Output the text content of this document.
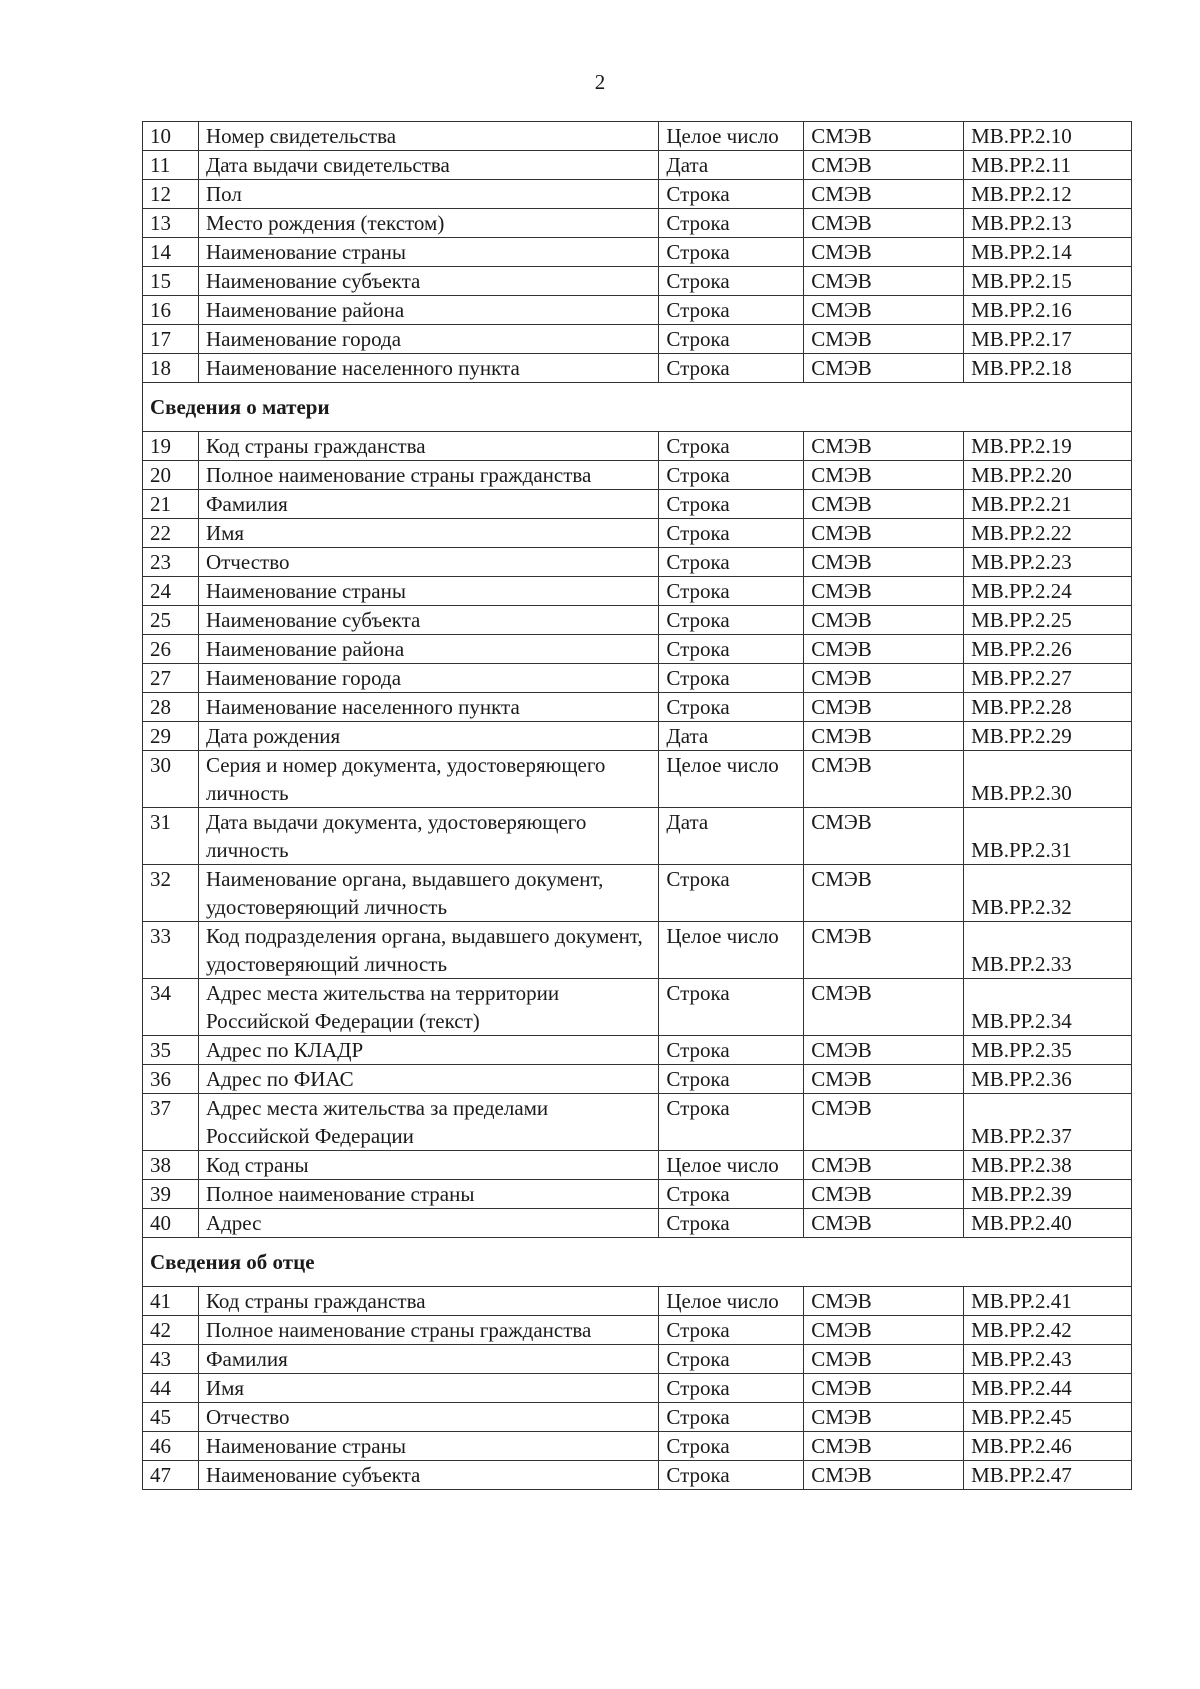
2
10	Номер свидетельства	Целое число	СМЭВ	МВ.РР.2.10
11	Дата выдачи свидетельства	Дата	СМЭВ	МВ.РР.2.11
12	Пол	Строка	СМЭВ	МВ.РР.2.12
13	Место рождения (текстом)	Строка	СМЭВ	МВ.РР.2.13
14	Наименование страны	Строка	СМЭВ	МВ.РР.2.14
15	Наименование субъекта	Строка	СМЭВ	МВ.РР.2.15
16	Наименование района	Строка	СМЭВ	МВ.РР.2.16
17	Наименование города	Строка	СМЭВ	МВ.РР.2.17
18	Наименование населенного пункта	Строка	СМЭВ	МВ.РР.2.18
Сведения о матери				
19	Код страны гражданства	Строка	СМЭВ	МВ.РР.2.19
20	Полное наименование страны гражданства	Строка	СМЭВ	МВ.РР.2.20
21	Фамилия	Строка	СМЭВ	МВ.РР.2.21
22	Имя	Строка	СМЭВ	МВ.РР.2.22
23	Отчество	Строка	СМЭВ	МВ.РР.2.23
24	Наименование страны	Строка	СМЭВ	МВ.РР.2.24
25	Наименование субъекта	Строка	СМЭВ	МВ.РР.2.25
26	Наименование района	Строка	СМЭВ	МВ.РР.2.26
27	Наименование города	Строка	СМЭВ	МВ.РР.2.27
28	Наименование населенного пункта	Строка	СМЭВ	МВ.РР.2.28
29	Дата рождения	Дата	СМЭВ	МВ.РР.2.29
30	Серия и номер документа, удостоверяющего личность	Целое число	СМЭВ	МВ.РР.2.30
31	Дата выдачи документа, удостоверяющего личность	Дата	СМЭВ	МВ.РР.2.31
32	Наименование органа, выдавшего документ, удостоверяющий личность	Строка	СМЭВ	МВ.РР.2.32
33	Код подразделения органа, выдавшего документ, удостоверяющий личность	Целое число	СМЭВ	МВ.РР.2.33
34	Адрес места жительства на территории Российской Федерации (текст)	Строка	СМЭВ	МВ.РР.2.34
35	Адрес по КЛАДР	Строка	СМЭВ	МВ.РР.2.35
36	Адрес по ФИАС	Строка	СМЭВ	МВ.РР.2.36
37	Адрес места жительства за пределами Российской Федерации	Строка	СМЭВ	МВ.РР.2.37
38	Код страны	Целое число	СМЭВ	МВ.РР.2.38
39	Полное наименование страны	Строка	СМЭВ	МВ.РР.2.39
40	Адрес	Строка	СМЭВ	МВ.РР.2.40
Сведения об отце				
41	Код страны гражданства	Целое число	СМЭВ	МВ.РР.2.41
42	Полное наименование страны гражданства	Строка	СМЭВ	МВ.РР.2.42
43	Фамилия	Строка	СМЭВ	МВ.РР.2.43
44	Имя	Строка	СМЭВ	МВ.РР.2.44
45	Отчество	Строка	СМЭВ	МВ.РР.2.45
46	Наименование страны	Строка	СМЭВ	МВ.РР.2.46
47	Наименование субъекта	Строка	СМЭВ	МВ.РР.2.47
